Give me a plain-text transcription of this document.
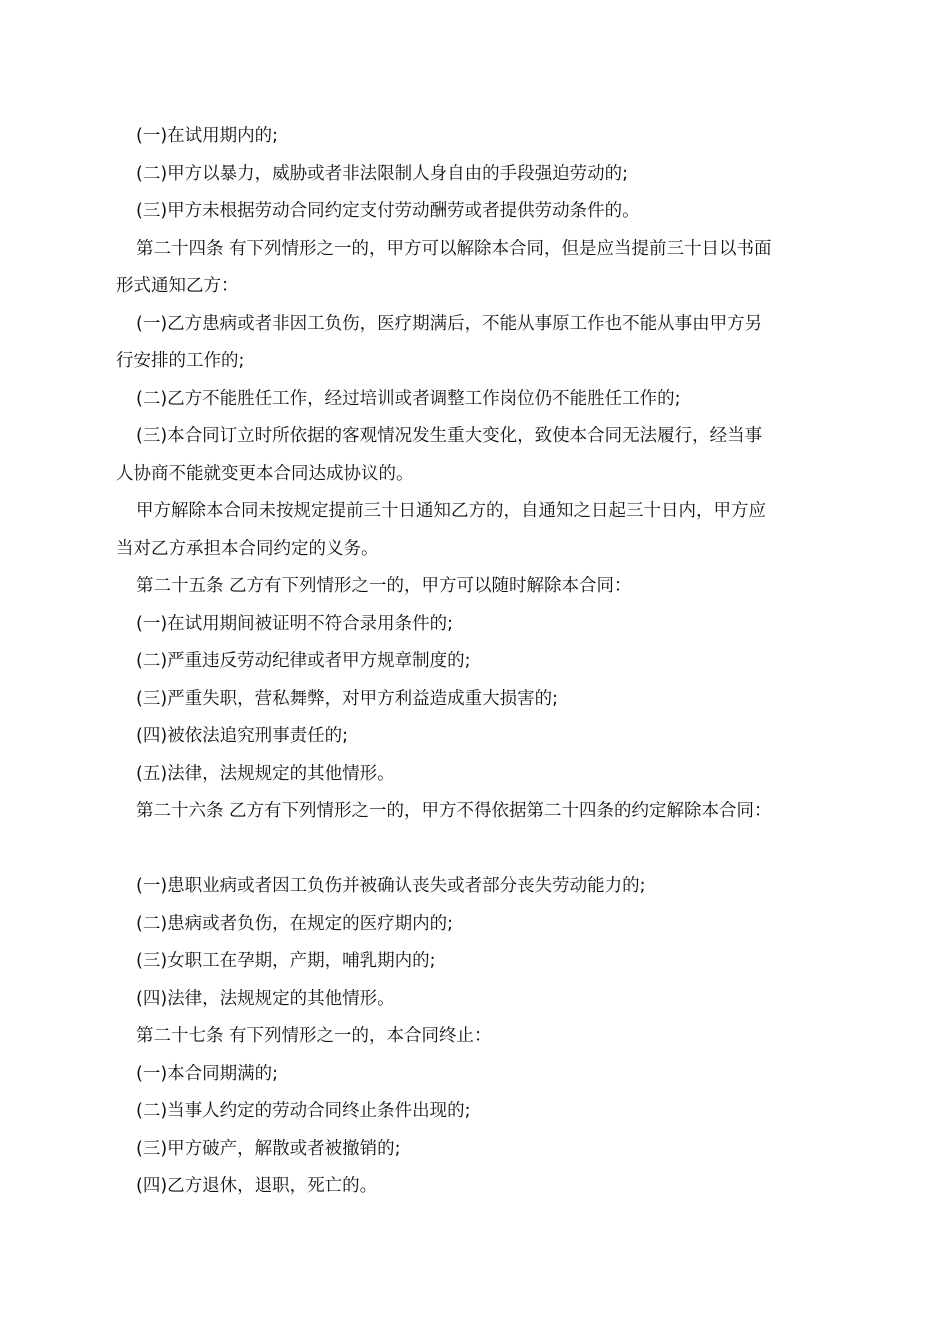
(一)在试用期内的;
(二)甲方以暴力，威胁或者非法限制人身自由的手段强迫劳动的;
(三)甲方未根据劳动合同约定支付劳动酬劳或者提供劳动条件的。
第二十四条 有下列情形之一的，甲方可以解除本合同，但是应当提前三十日以书面
形式通知乙方：
(一)乙方患病或者非因工负伤，医疗期满后，不能从事原工作也不能从事由甲方另
行安排的工作的;
(二)乙方不能胜任工作，经过培训或者调整工作岗位仍不能胜任工作的;
(三)本合同订立时所依据的客观情况发生重大变化，致使本合同无法履行，经当事
人协商不能就变更本合同达成协议的。
甲方解除本合同未按规定提前三十日通知乙方的，自通知之日起三十日内，甲方应
当对乙方承担本合同约定的义务。
第二十五条 乙方有下列情形之一的，甲方可以随时解除本合同：
(一)在试用期间被证明不符合录用条件的;
(二)严重违反劳动纪律或者甲方规章制度的;
(三)严重失职，营私舞弊，对甲方利益造成重大损害的;
(四)被依法追究刑事责任的;
(五)法律，法规规定的其他情形。
第二十六条 乙方有下列情形之一的，甲方不得依据第二十四条的约定解除本合同：
(一)患职业病或者因工负伤并被确认丧失或者部分丧失劳动能力的;
(二)患病或者负伤，在规定的医疗期内的;
(三)女职工在孕期，产期，哺乳期内的;
(四)法律，法规规定的其他情形。
第二十七条 有下列情形之一的，本合同终止：
(一)本合同期满的;
(二)当事人约定的劳动合同终止条件出现的;
(三)甲方破产，解散或者被撤销的;
(四)乙方退休，退职，死亡的。
